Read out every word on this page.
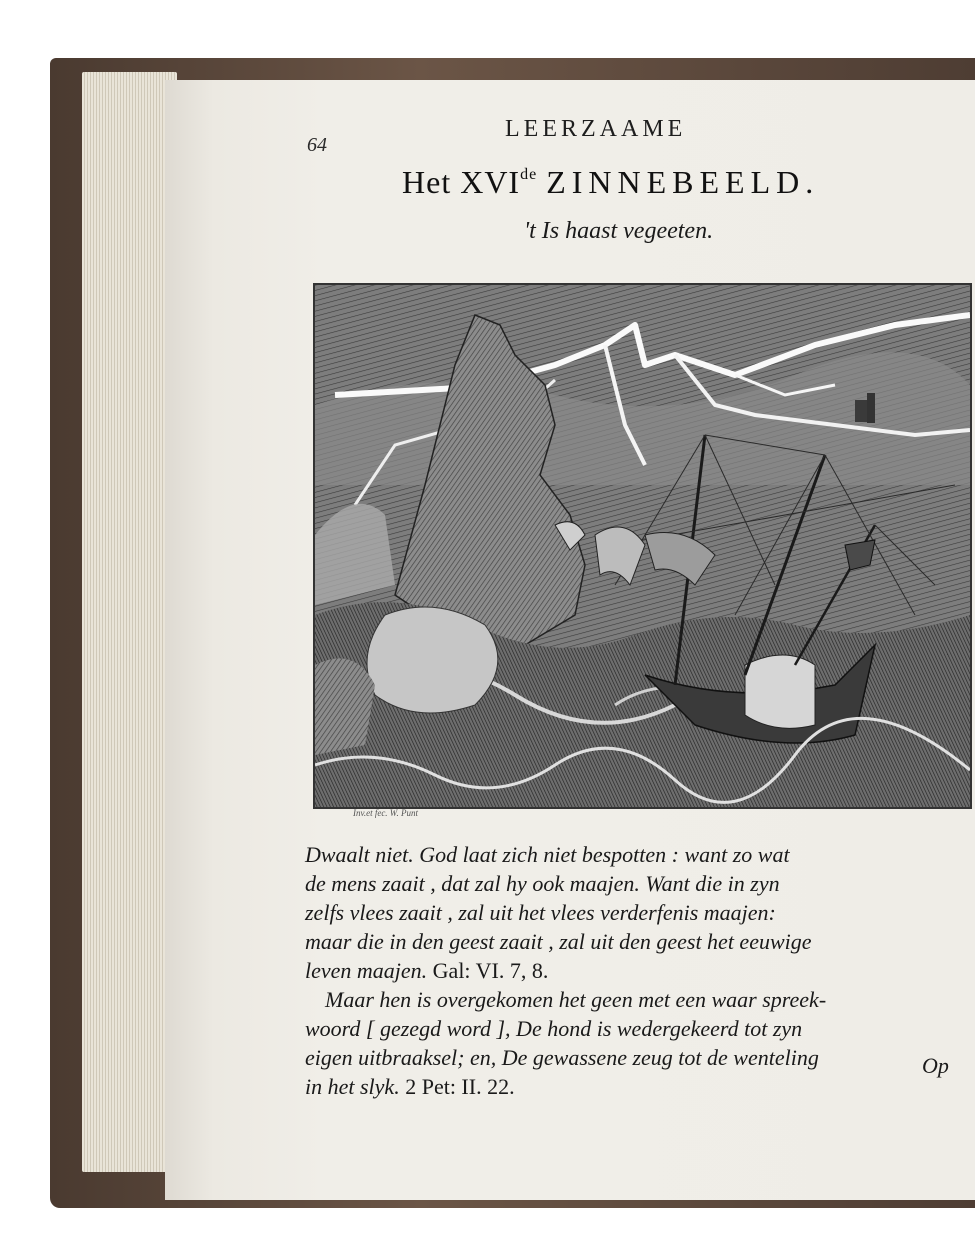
64
LEERZAAME
Het XVIde ZINNEBEELD.
't Is haast vegeeten.
Inv.et fec. W. Punt
Dwaalt niet. God laat zich niet bespotten : want zo wat
de mens zaait , dat zal hy ook maajen. Want die in zyn
zelfs vlees zaait , zal uit het vlees verderfenis maajen:
maar die in den geest zaait , zal uit den geest het eeuwige
leven maajen. Gal: VI. 7, 8.
Maar hen is overgekomen het geen met een waar spreek-
woord [ gezegd word ], De hond is wedergekeerd tot zyn
eigen uitbraaksel; en, De gewassene zeug tot de wenteling
in het slyk. 2 Pet: II. 22.
Op
